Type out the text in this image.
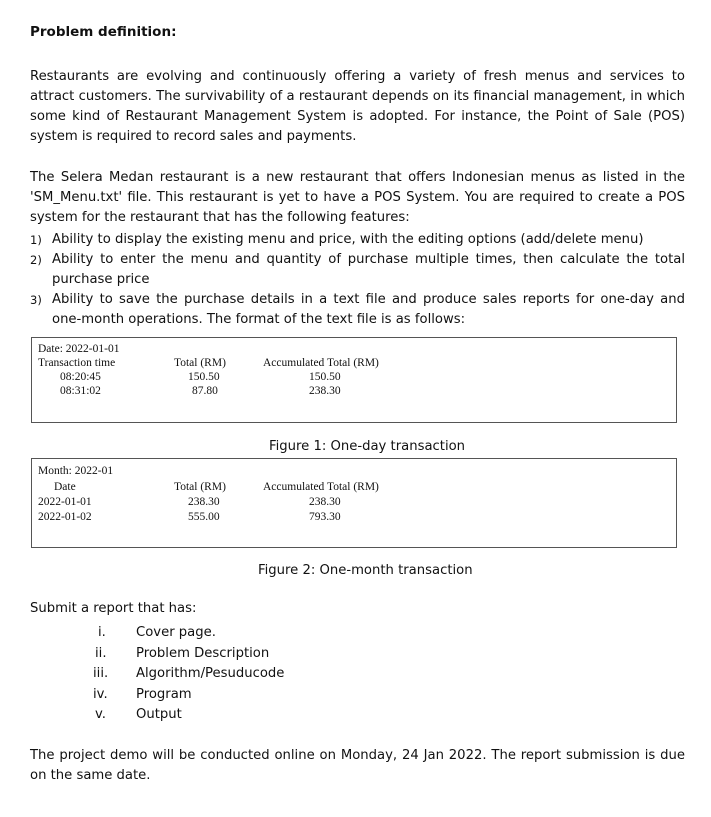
Problem definition:
Restaurants are evolving and continuously offering a variety of fresh menus and services to attract customers. The survivability of a restaurant depends on its financial management, in which some kind of Restaurant Management System is adopted. For instance, the Point of Sale (POS) system is required to record sales and payments.
The Selera Medan restaurant is a new restaurant that offers Indonesian menus as listed in the 'SM_Menu.txt' file. This restaurant is yet to have a POS System. You are required to create a POS system for the restaurant that has the following features:
1) Ability to display the existing menu and price, with the editing options (add/delete menu)
2) Ability to enter the menu and quantity of purchase multiple times, then calculate the total purchase price
3) Ability to save the purchase details in a text file and produce sales reports for one-day and one-month operations. The format of the text file is as follows:
Date: 2022-01-01
Transaction time	Total (RM)	Accumulated Total (RM)
08:20:45	150.50	150.50
08:31:02	87.80	238.30
Figure 1: One-day transaction
Month: 2022-01
Date	Total (RM)	Accumulated Total (RM)
2022-01-01	238.30	238.30
2022-01-02	555.00	793.30
Figure 2: One-month transaction
Submit a report that has:
i. Cover page.
ii. Problem Description
iii. Algorithm/Pesuducode
iv. Program
v. Output
The project demo will be conducted online on Monday, 24 Jan 2022. The report submission is due on the same date.
